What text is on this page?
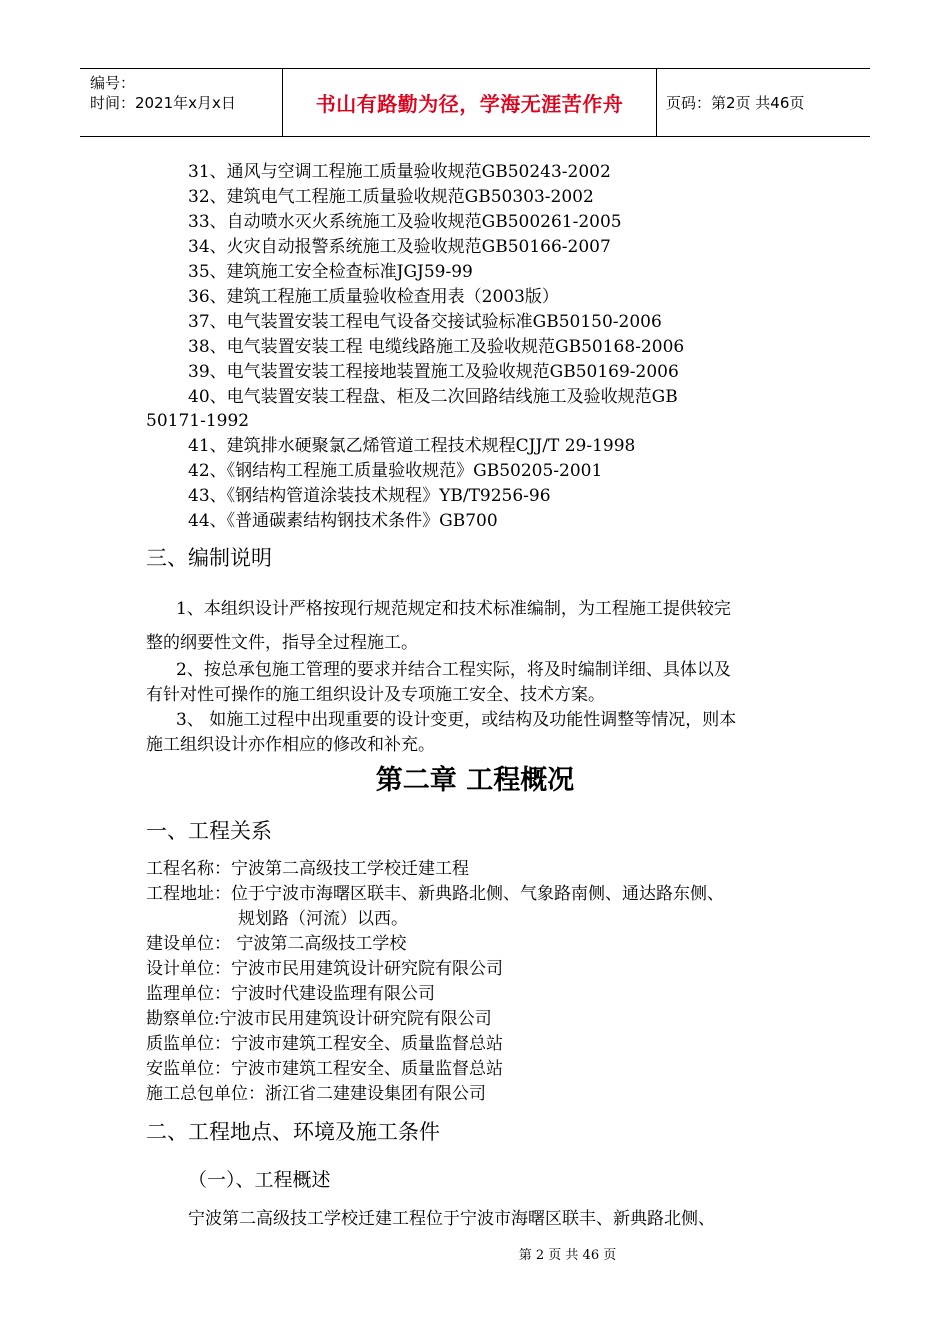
编号：
时间：2021年x月x日	书山有路勤为径，学海无涯苦作舟	页码：第2页 共46页
31、通风与空调工程施工质量验收规范GB50243-2002
32、建筑电气工程施工质量验收规范GB50303-2002
33、自动喷水灭火系统施工及验收规范GB500261-2005
34、火灾自动报警系统施工及验收规范GB50166-2007
35、建筑施工安全检查标准JGJ59-99
36、建筑工程施工质量验收检查用表（2003版）
37、电气装置安装工程电气设备交接试验标准GB50150-2006
38、电气装置安装工程 电缆线路施工及验收规范GB50168-2006
39、电气装置安装工程接地装置施工及验收规范GB50169-2006
40、电气装置安装工程盘、柜及二次回路结线施工及验收规范GB
50171-1992
41、建筑排水硬聚氯乙烯管道工程技术规程CJJ/T 29-1998
42、《钢结构工程施工质量验收规范》GB50205-2001
43、《钢结构管道涂装技术规程》YB/T9256-96
44、《普通碳素结构钢技术条件》GB700
三、编制说明
1、本组织设计严格按现行规范规定和技术标准编制，为工程施工提供较完
整的纲要性文件，指导全过程施工。
2、按总承包施工管理的要求并结合工程实际，将及时编制详细、具体以及
有针对性可操作的施工组织设计及专项施工安全、技术方案。
3、 如施工过程中出现重要的设计变更，或结构及功能性调整等情况，则本
施工组织设计亦作相应的修改和补充。
第二章 工程概况
一、工程关系
工程名称：宁波第二高级技工学校迁建工程
工程地址：位于宁波市海曙区联丰、新典路北侧、气象路南侧、通达路东侧、
规划路（河流）以西。
建设单位： 宁波第二高级技工学校
设计单位：宁波市民用建筑设计研究院有限公司
监理单位：宁波时代建设监理有限公司
勘察单位:宁波市民用建筑设计研究院有限公司
质监单位：宁波市建筑工程安全、质量监督总站
安监单位：宁波市建筑工程安全、质量监督总站
施工总包单位：浙江省二建建设集团有限公司
二、工程地点、环境及施工条件
（一）、工程概述
宁波第二高级技工学校迁建工程位于宁波市海曙区联丰、新典路北侧、
第 2 页 共 46 页
